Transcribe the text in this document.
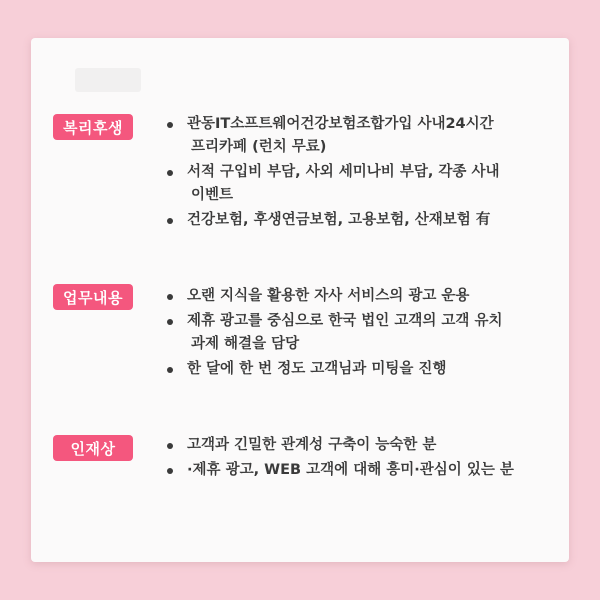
복리후생	관동IT소프트웨어건강보험조합가입 사내24시간
프리카페 (런치 무료)
서적 구입비 부담, 사외 세미나비 부담, 각종 사내
이벤트
건강보험, 후생연금보험, 고용보험, 산재보험 有
업무내용	오랜 지식을 활용한 자사 서비스의 광고 운용
제휴 광고를 중심으로 한국 법인 고객의 고객 유치
과제 해결을 담당
한 달에 한 번 정도 고객님과 미팅을 진행
인재상	고객과 긴밀한 관계성 구축이 능숙한 분
·제휴 광고, WEB 고객에 대해 흥미·관심이 있는 분
